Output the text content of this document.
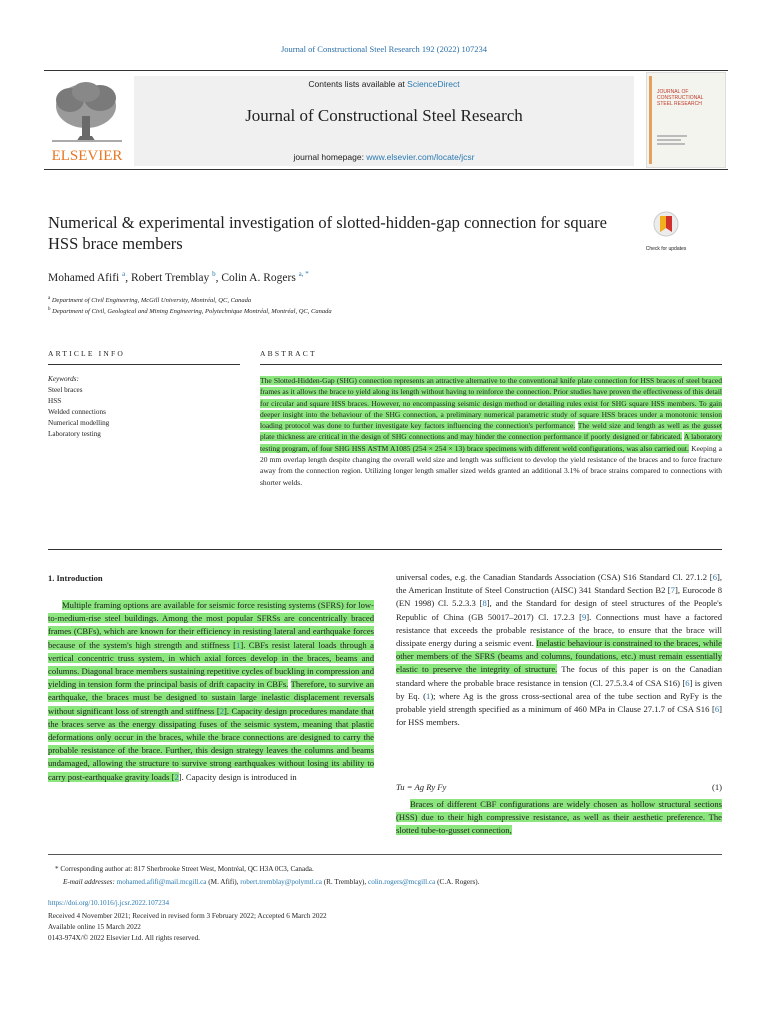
Journal of Constructional Steel Research 192 (2022) 107234
ELSEVIER
Contents lists available at ScienceDirect
Journal of Constructional Steel Research
journal homepage: www.elsevier.com/locate/jcsr
JOURNAL OF CONSTRUCTIONAL STEEL RESEARCH
Numerical & experimental investigation of slotted-hidden-gap connection for square HSS brace members	Check for updates
Mohamed Afifi $^a$, Robert Tremblay $^b$, Colin A. Rogers $^{a, *}$
$^a$ Department of Civil Engineering, McGill University, Montréal, QC, Canada
$^b$ Department of Civil, Geological and Mining Engineering, Polytechnique Montréal, Montréal, QC, Canada
ARTICLE INFO	ABSTRACT
Keywords:
Steel braces
HSS
Welded connections
Numerical modelling
Laboratory testing
The Slotted-Hidden-Gap (SHG) connection represents an attractive alternative to the conventional knife plate connection for HSS braces of steel braced frames as it allows the brace to yield along its length without having to reinforce the connection. Prior studies have proven the effectiveness of this detail for circular and square HSS braces. However, no encompassing seismic design method or detailing rules exist for SHG square HSS members. To gain deeper insight into the behaviour of the SHG connection, a preliminary numerical parametric study of square HSS braces under a monotonic tension loading protocol was done to further investigate key factors influencing the connection's performance. The weld size and length as well as the gusset plate thickness are critical in the design of SHG connections and may hinder the connection performance if poorly designed or fabricated. A laboratory testing program, of four SHG HSS ASTM A1085 (254 × 254 × 13) brace specimens with different weld configurations, was also carried out. Keeping a 20 mm overlap length despite changing the overall weld size and length was sufficient to develop the yield resistance of the braces and to force fracture away from the connection region. Utilizing longer length smaller sized welds granted an additional 3.1% of brace strains compared to connections with shorter welds.
1. Introduction
Multiple framing options are available for seismic force resisting systems (SFRS) for low-to-medium-rise steel buildings. Among the most popular SFRSs are concentrically braced frames (CBFs), which are known for their efficiency in resisting lateral and earthquake forces because of the system's high strength and stiffness [1]. CBFs resist lateral loads through a vertical concentric truss system, in which axial forces develop in the braces, beams and columns. Diagonal brace members sustaining repetitive cycles of buckling in compression and yielding in tension form the principal basis of drift capacity in CBFs. Therefore, to survive an earthquake, the braces must be designed to sustain large inelastic displacement reversals without significant loss of strength and stiffness [2]. Capacity design procedures mandate that the braces serve as the energy dissipating fuses of the seismic system, meaning that plastic deformations only occur in the braces, while the brace connections are designed to carry the probable resistance of the brace. Further, this design strategy leaves the columns and beams undamaged, allowing the structure to survive strong earthquakes without losing its ability to carry post-earthquake gravity loads [2]. Capacity design is introduced in
universal codes, e.g. the Canadian Standards Association (CSA) S16 Standard Cl. 27.1.2 [6], the American Institute of Steel Construction (AISC) 341 Standard Section B2 [7], Eurocode 8 (EN 1998) Cl. 5.2.3.3 [8], and the Standard for design of steel structures of the People's Republic of China (GB 50017–2017) Cl. 17.2.3 [9]. Connections must have a factored resistance that exceeds the probable resistance of the brace, to ensure that the brace will dissipate energy during a seismic event. Inelastic behaviour is constrained to the braces, while other members of the SFRS (beams and columns, foundations, etc.) must remain essentially elastic to preserve the integrity of structure. The focus of this paper is on the Canadian standard where the probable brace resistance in tension (Cl. 27.5.3.4 of CSA S16) [6] is given by Eq. (1); where Ag is the gross cross-sectional area of the tube section and RyFy is the probable yield strength specified as a minimum of 460 MPa in Clause 27.1.7 of CSA S16 [6] for HSS members.
Tu = Ag Ry Fy	(1)
Braces of different CBF configurations are widely chosen as hollow structural sections (HSS) due to their high compressive resistance, as well as their aesthetic preference. The slotted tube-to-gusset connection,
* Corresponding author at: 817 Sherbrooke Street West, Montréal, QC H3A 0C3, Canada.
E-mail addresses: mohamed.afifi@mail.mcgill.ca (M. Afifi), robert.tremblay@polymtl.ca (R. Tremblay), colin.rogers@mcgill.ca (C.A. Rogers).
https://doi.org/10.1016/j.jcsr.2022.107234
Received 4 November 2021; Received in revised form 3 February 2022; Accepted 6 March 2022
Available online 15 March 2022
0143-974X/© 2022 Elsevier Ltd. All rights reserved.
